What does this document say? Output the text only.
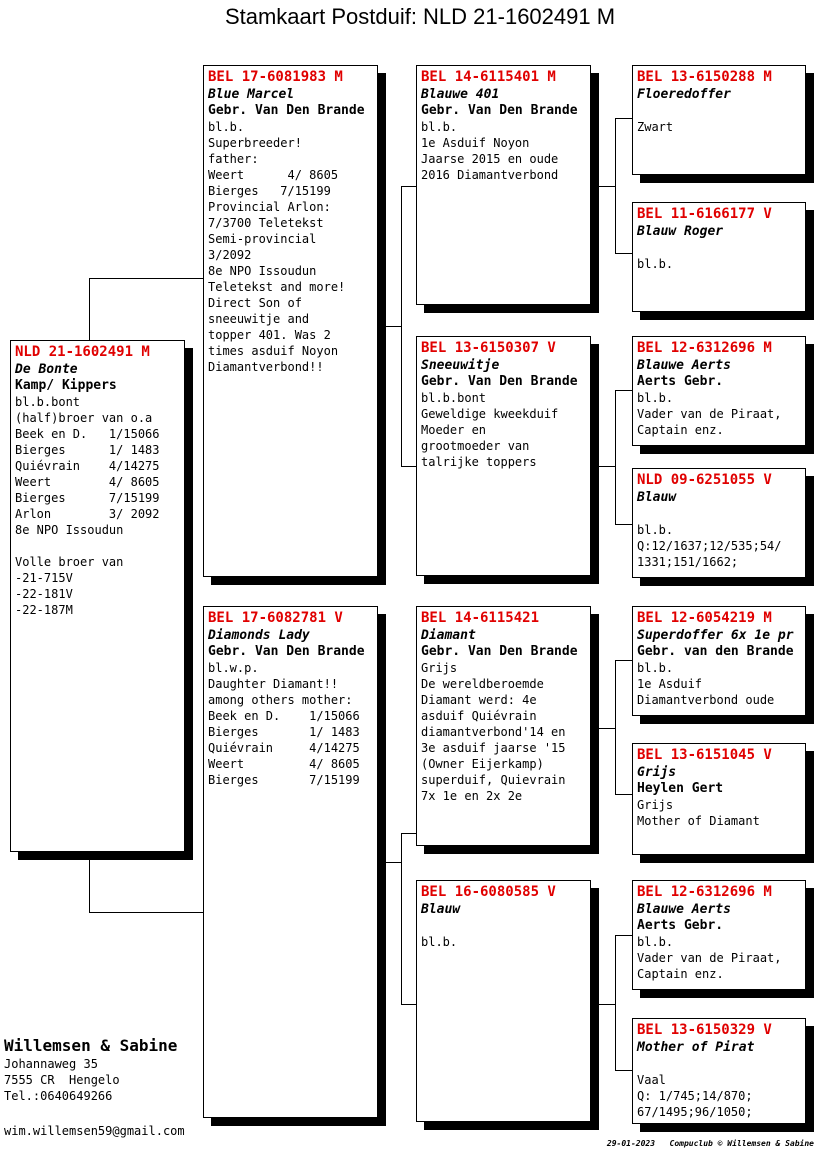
Stamkaart Postduif: NLD 21-1602491 M
NLD 21-1602491 M
De Bonte
Kamp/ Kippers
bl.b.bont
(half)broer van o.a
Beek en D.   1/15066
Bierges      1/ 1483
Quiévrain    4/14275
Weert        4/ 8605
Bierges      7/15199
Arlon        3/ 2092
8e NPO Issoudun
Volle broer van
-21-715V
-22-181V
-22-187M
BEL 17-6081983 M
Blue Marcel
Gebr. Van Den Brande
bl.b.
Superbreeder!
father:
Weert      4/ 8605
Bierges   7/15199
Provincial Arlon:
7/3700 Teletekst
Semi-provincial
3/2092
8e NPO Issoudun
Teletekst and more!
Direct Son of
sneeuwitje and
topper 401. Was 2
times asduif Noyon
Diamantverbond!!
BEL 17-6082781 V
Diamonds Lady
Gebr. Van Den Brande
bl.w.p.
Daughter Diamant!!
among others mother:
Beek en D.    1/15066
Bierges       1/ 1483
Quiévrain     4/14275
Weert         4/ 8605
Bierges       7/15199
BEL 14-6115401 M
Blauwe 401
Gebr. Van Den Brande
bl.b.
1e Asduif Noyon
Jaarse 2015 en oude
2016 Diamantverbond
BEL 13-6150307 V
Sneeuwitje
Gebr. Van Den Brande
bl.b.bont
Geweldige kweekduif
Moeder en
grootmoeder van
talrijke toppers
BEL 14-6115421
Diamant
Gebr. Van Den Brande
Grijs
De wereldberoemde
Diamant werd: 4e
asduif Quiévrain
diamantverbond'14 en
3e asduif jaarse '15
(Owner Eijerkamp)
superduif, Quievrain
7x 1e en 2x 2e
BEL 16-6080585 V
Blauw
bl.b.
BEL 13-6150288 M
Floeredoffer
Zwart
BEL 11-6166177 V
Blauw Roger
bl.b.
BEL 12-6312696 M
Blauwe Aerts
Aerts Gebr.
bl.b.
Vader van de Piraat,
Captain enz.
NLD 09-6251055 V
Blauw
bl.b.
Q:12/1637;12/535;54/
1331;151/1662;
BEL 12-6054219 M
Superdoffer 6x 1e pr
Gebr. van den Brande
bl.b.
1e Asduif
Diamantverbond oude
BEL 13-6151045 V
Grijs
Heylen Gert
Grijs
Mother of Diamant
BEL 12-6312696 M
Blauwe Aerts
Aerts Gebr.
bl.b.
Vader van de Piraat,
Captain enz.
BEL 13-6150329 V
Mother of Pirat
Vaal
Q: 1/745;14/870;
67/1495;96/1050;
Willemsen & Sabine
Johannaweg 35
7555 CR  Hengelo
Tel.:0640649266
wim.willemsen59@gmail.com
29-01-2023 Compuclub © Willemsen & Sabine
